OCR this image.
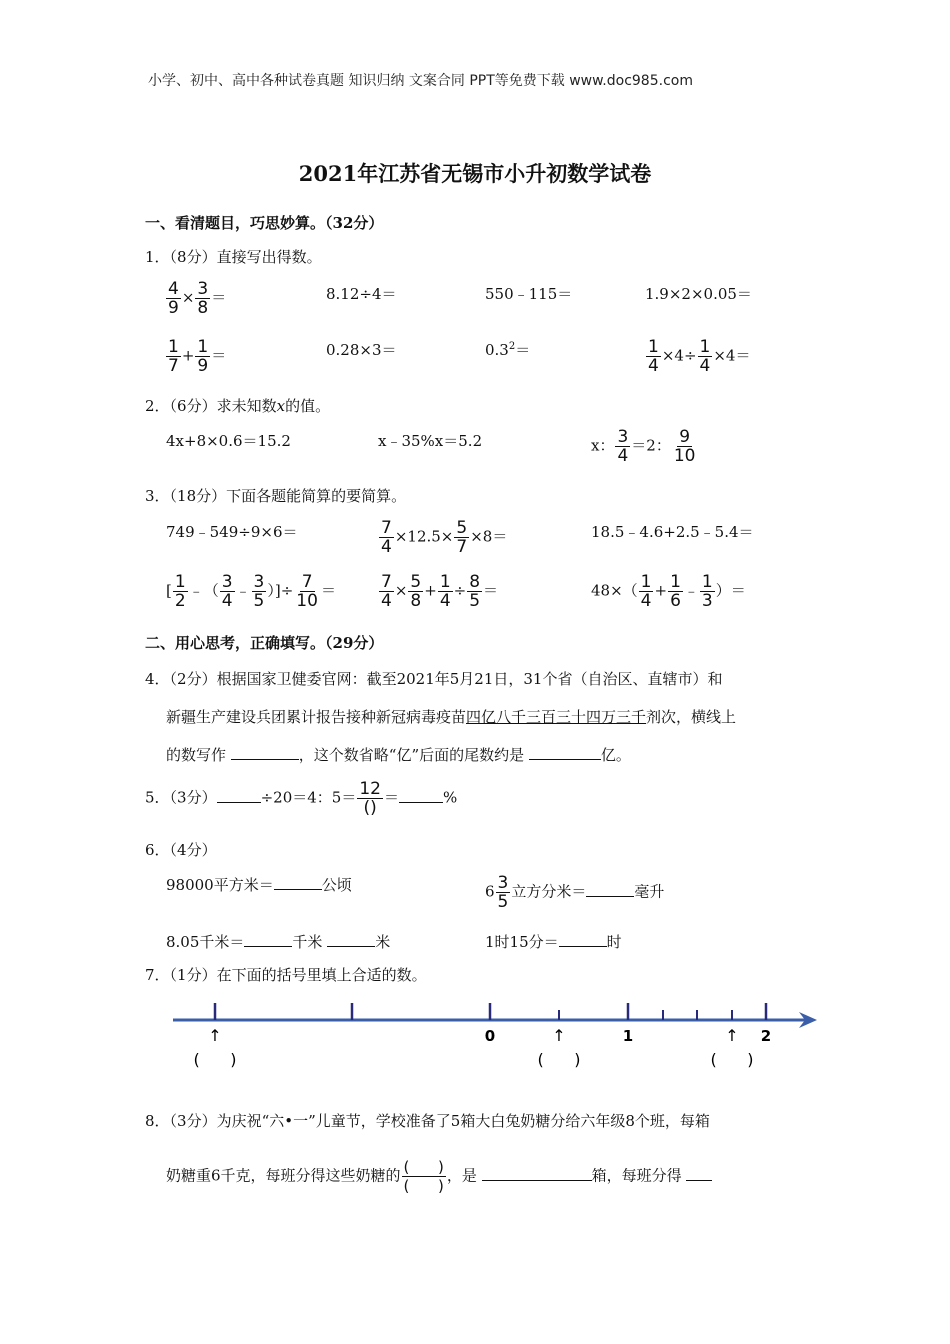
小学、初中、高中各种试卷真题 知识归纳 文案合同 PPT等免费下载 www.doc985.com
2021年江苏省无锡市小升初数学试卷
一、看清题目，巧思妙算。（32分）
1．（8分）直接写出得数。
$\frac{4}{9} \times \frac{3}{8}$ ＝	8.12÷4＝	550﹣115＝	1.9×2×0.05＝
$\frac{1}{7} + \frac{1}{9}$ ＝	0.28×3＝	$0.3^2=$	$\frac{1}{4} \times 4\div \frac{1}{4} \times 4=$
2．（6分）求未知数x的值。
4x+8×0.6＝15.2	x﹣35%x＝5.2	x： $\frac{3}{4} =2$： $\frac{9}{10}$
3．（18分）下面各题能简算的要简算。
749﹣549÷9×6＝	$\frac{7}{4} \times 12.5\times \frac{5}{7} \times 8=$	18.5﹣4.6+2.5﹣5.4＝
[ $\frac{1}{2}$ ﹣（ $\frac{3}{4}$ ﹣ $\frac{3}{5}$ ）]÷ $\frac{7}{10}$ ＝	$\frac{7}{4} \times \frac{5}{8} + \frac{1}{4} \div \frac{8}{5}$ ＝	$48\times( \frac{1}{4} + \frac{1}{6}$ ﹣ $\frac{1}{3}$ ）＝
二、用心思考，正确填写。（29分）
4．（2分）根据国家卫健委官网：截至2021年5月21日，31个省（自治区、直辖市）和
新疆生产建设兵团累计报告接种新冠病毒疫苗四亿八千三百三十四万三千剂次，横线上
的数写作	，这个数省略“亿”后面的尾数约是	亿。
5．（3分）	÷20＝4：$5= \frac{12}{()}$ ＝	%
6．（4分）
98000平方米＝	公顷	$6 \frac{3}{5}$ 立方分米＝	毫升
8.05千米＝	千米	米	1时15分＝	时
7．（1分）在下面的括号里填上合适的数。
0	1	2
↑	↑	↑
(      )	(      )	(      )
8．（3分）为庆祝“六•一”儿童节，学校准备了5箱大白兔奶糖分给六年级8个班，每箱
奶糖重6千克，每班分得这些奶糖的 $\frac{( )}{( )}$ ，是	箱，每班分得
